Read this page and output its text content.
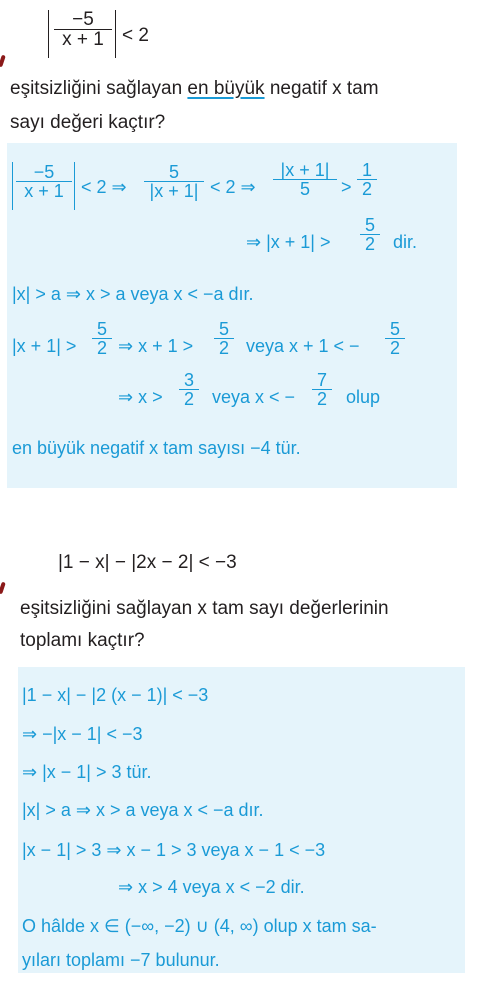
$\frac{-5}{x + 1} < 2$
eşitsizliğini sağlayan en büyük negatif x tam
sayı değeri kaçtır?
$\frac{-5}{x + 1} < 2$ ⇒ $\frac{5}{|x + 1|} < 2$ ⇒ $\frac{|x + 1|}{5} > \frac{1}{2}$
⇒ $|x + 1| > \frac{5}{2}$ dir.
|x| > a ⇒ x > a veya x < −a dır.
$|x + 1| > \frac{5}{2}$ ⇒ $x + 1 > \frac{5}{2}$ veya x + 1 < − $\frac{5}{2}$
⇒ $x > \frac{3}{2}$ veya x < − $\frac{7}{2}$ olup
en büyük negatif x tam sayısı −4 tür.
|1 − x| − |2x − 2| < −3
eşitsizliğini sağlayan x tam sayı değerlerinin
toplamı kaçtır?
|1 − x| − |2 (x − 1)| < −3
⇒ −|x − 1| < −3
⇒ |x − 1| > 3 tür.
|x| > a ⇒ x > a veya x < −a dır.
|x − 1| > 3 ⇒ x − 1 > 3 veya x − 1 < −3
⇒ x > 4 veya x < −2 dir.
O hâlde x ∈ (−∞, −2) ∪ (4, ∞) olup x tam sa-
yıları toplamı −7 bulunur.
